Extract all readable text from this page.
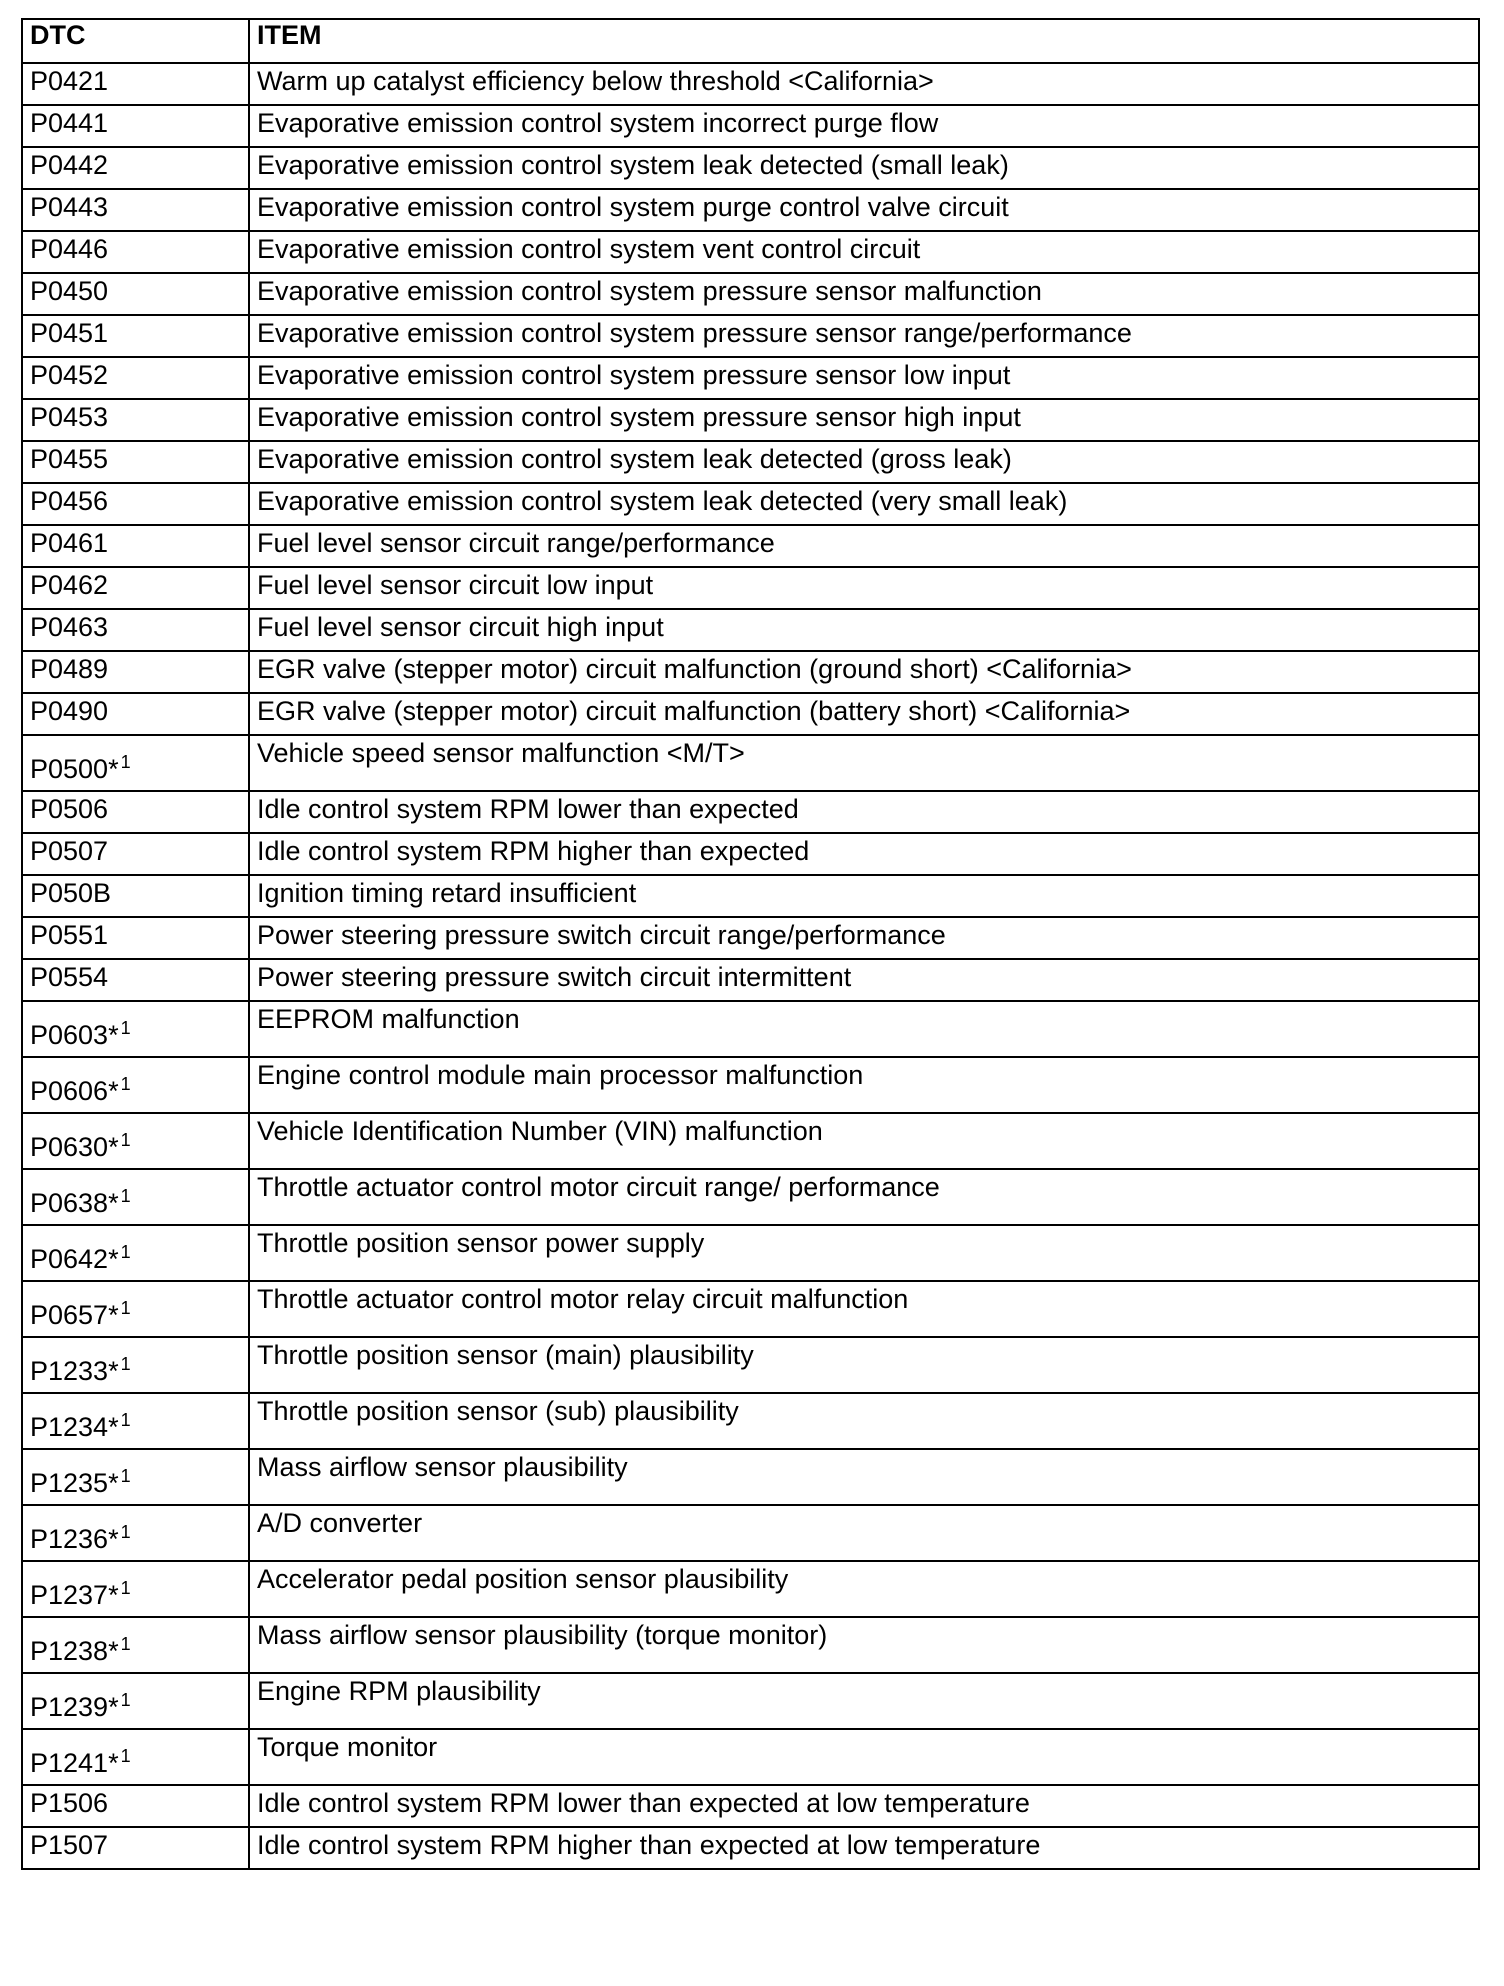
DTC	ITEM
P0421	Warm up catalyst efficiency below threshold <California>
P0441	Evaporative emission control system incorrect purge flow
P0442	Evaporative emission control system leak detected (small leak)
P0443	Evaporative emission control system purge control valve circuit
P0446	Evaporative emission control system vent control circuit
P0450	Evaporative emission control system pressure sensor malfunction
P0451	Evaporative emission control system pressure sensor range/performance
P0452	Evaporative emission control system pressure sensor low input
P0453	Evaporative emission control system pressure sensor high input
P0455	Evaporative emission control system leak detected (gross leak)
P0456	Evaporative emission control system leak detected (very small leak)
P0461	Fuel level sensor circuit range/performance
P0462	Fuel level sensor circuit low input
P0463	Fuel level sensor circuit high input
P0489	EGR valve (stepper motor) circuit malfunction (ground short) <California>
P0490	EGR valve (stepper motor) circuit malfunction (battery short) <California>
P0500* $^1$	Vehicle speed sensor malfunction <M/T>
P0506	Idle control system RPM lower than expected
P0507	Idle control system RPM higher than expected
P050B	Ignition timing retard insufficient
P0551	Power steering pressure switch circuit range/performance
P0554	Power steering pressure switch circuit intermittent
P0603* $^1$	EEPROM malfunction
P0606* $^1$	Engine control module main processor malfunction
P0630* $^1$	Vehicle Identification Number (VIN) malfunction
P0638* $^1$	Throttle actuator control motor circuit range/ performance
P0642* $^1$	Throttle position sensor power supply
P0657* $^1$	Throttle actuator control motor relay circuit malfunction
P1233* $^1$	Throttle position sensor (main) plausibility
P1234* $^1$	Throttle position sensor (sub) plausibility
P1235* $^1$	Mass airflow sensor plausibility
P1236* $^1$	A/D converter
P1237* $^1$	Accelerator pedal position sensor plausibility
P1238* $^1$	Mass airflow sensor plausibility (torque monitor)
P1239* $^1$	Engine RPM plausibility
P1241* $^1$	Torque monitor
P1506	Idle control system RPM lower than expected at low temperature
P1507	Idle control system RPM higher than expected at low temperature
